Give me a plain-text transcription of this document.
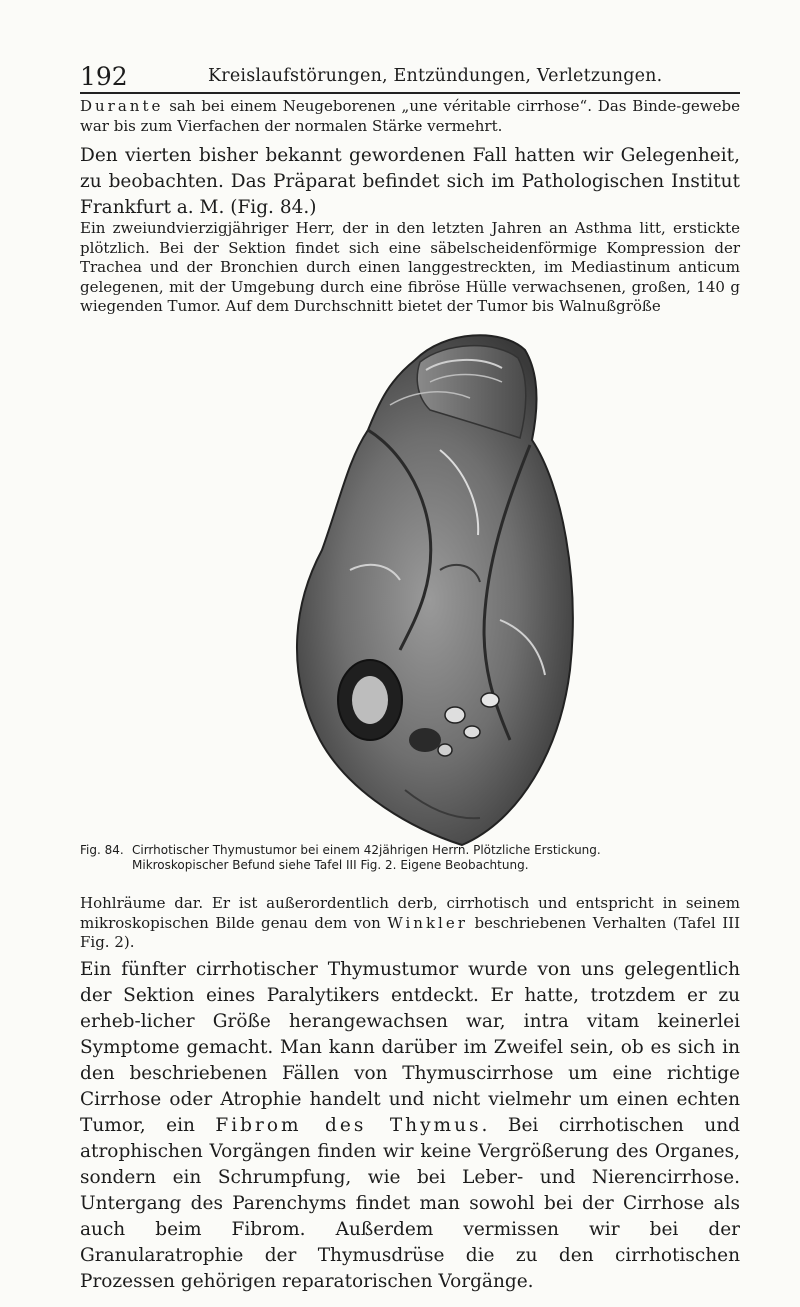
192	Kreislaufstörungen, Entzündungen, Verletzungen.
Durante sah bei einem Neugeborenen „une véritable cirrhose“. Das Binde-gewebe war bis zum Vierfachen der normalen Stärke vermehrt.
Den vierten bisher bekannt gewordenen Fall hatten wir Gelegenheit, zu beobachten. Das Präparat befindet sich im Pathologischen Institut Frankfurt a. M. (Fig. 84.)
Ein zweiundvierzigjähriger Herr, der in den letzten Jahren an Asthma litt, erstickte plötzlich. Bei der Sektion findet sich eine säbelscheidenförmige Kompression der Trachea und der Bronchien durch einen langgestreckten, im Mediastinum anticum gelegenen, mit der Umgebung durch eine fibröse Hülle verwachsenen, großen, 140 g wiegenden Tumor. Auf dem Durchschnitt bietet der Tumor bis Walnußgröße
Fig. 84. Cirrhotischer Thymustumor bei einem 42jährigen Herrn. Plötzliche Erstickung.
Mikroskopischer Befund siehe Tafel III Fig. 2. Eigene Beobachtung.
Hohlräume dar. Er ist außerordentlich derb, cirrhotisch und entspricht in seinem mikroskopischen Bilde genau dem von Winkler beschriebenen Verhalten (Tafel III Fig. 2).
Ein fünfter cirrhotischer Thymustumor wurde von uns gelegentlich der Sektion eines Paralytikers entdeckt. Er hatte, trotzdem er zu erheb-licher Größe herangewachsen war, intra vitam keinerlei Symptome gemacht. Man kann darüber im Zweifel sein, ob es sich in den beschriebenen Fällen von Thymuscirrhose um eine richtige Cirrhose oder Atrophie handelt und nicht vielmehr um einen echten Tumor, ein Fibrom des Thymus. Bei cirrhotischen und atrophischen Vorgängen finden wir keine Vergrößerung des Organes, sondern ein Schrumpfung, wie bei Leber- und Nierencirrhose. Untergang des Parenchyms findet man sowohl bei der Cirrhose als auch beim Fibrom. Außerdem vermissen wir bei der Granularatrophie der Thymusdrüse die zu den cirrhotischen Prozessen gehörigen reparatorischen Vorgänge.
